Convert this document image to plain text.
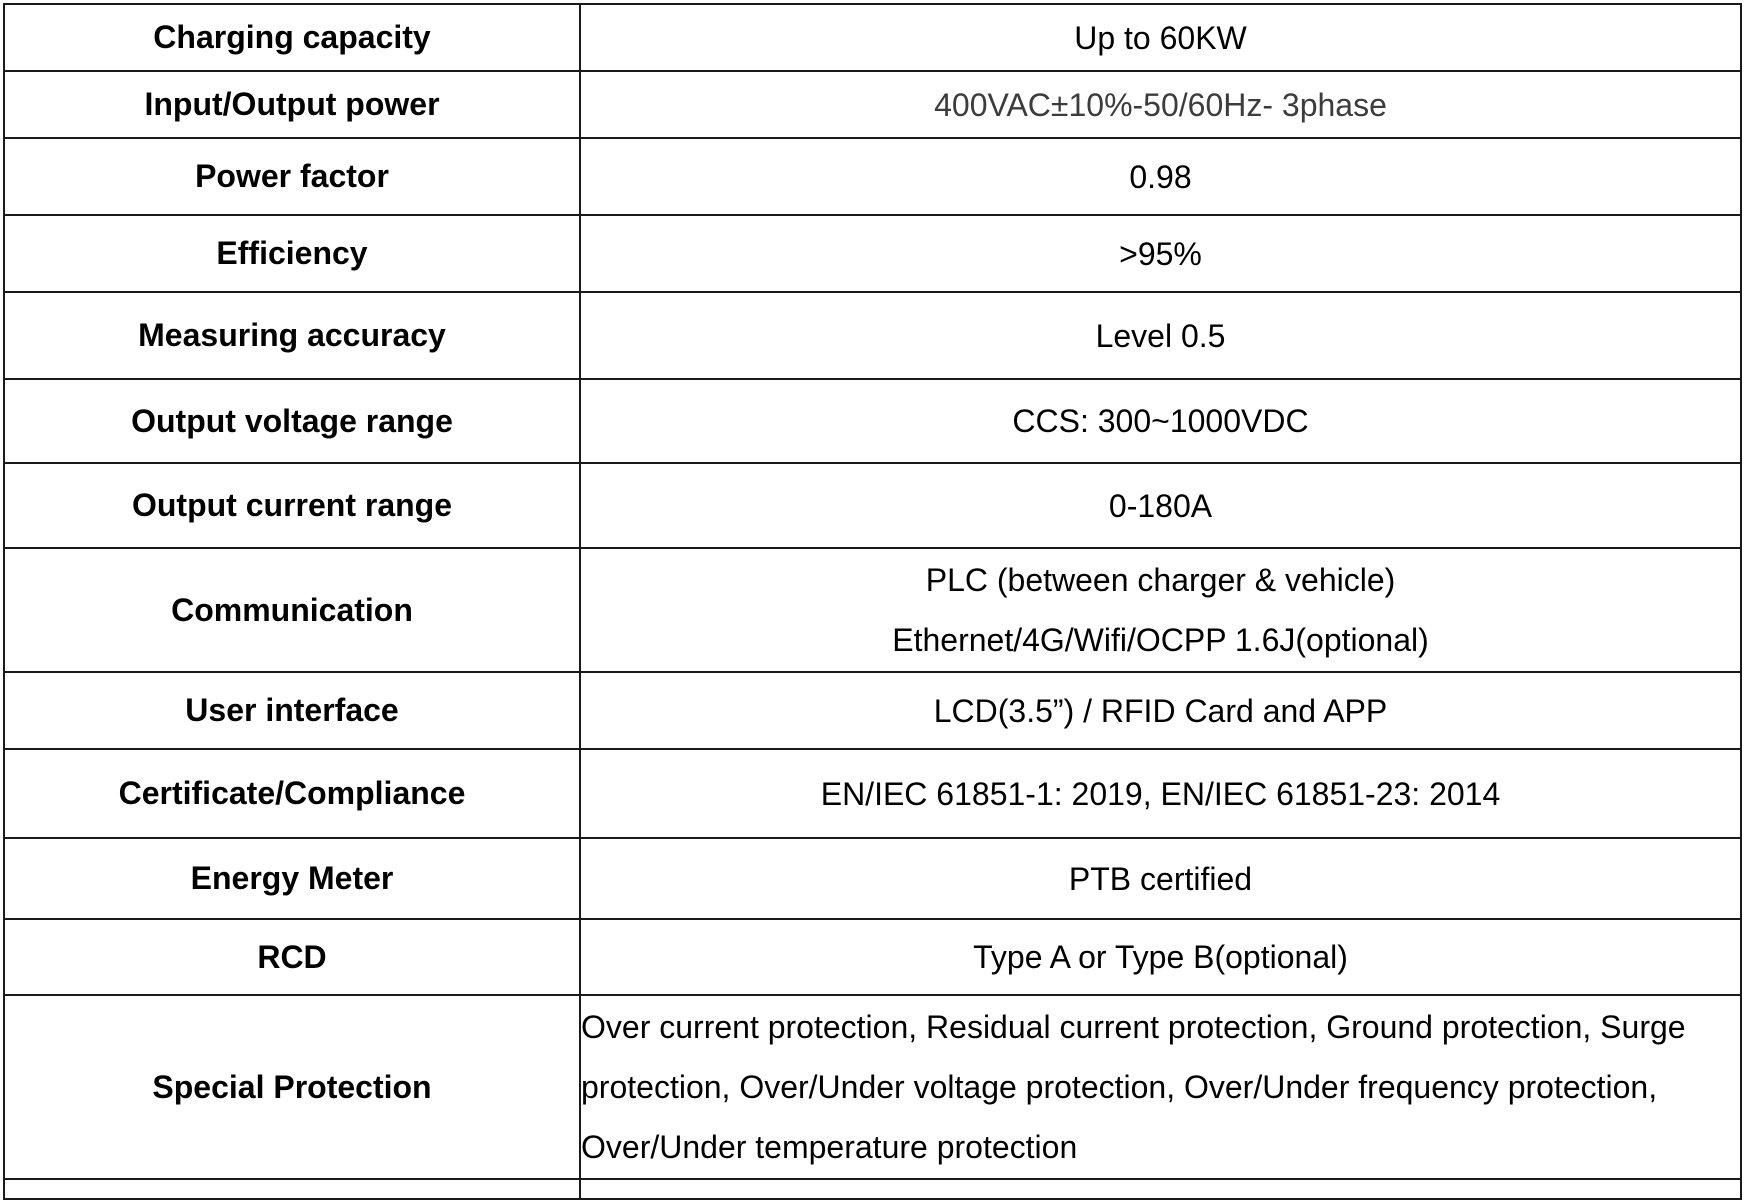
Charging capacity	Up to 60KW

Input/Output power	400VAC±10%-50/60Hz- 3phase

Power factor	0.98

Efficiency	>95%

Measuring accuracy	Level 0.5

Output voltage range	CCS: 300~1000VDC

Output current range	0-180A

Communication	PLC (between charger & vehicle)
Ethernet/4G/Wifi/OCPP 1.6J(optional)

User interface	LCD(3.5”) / RFID Card and APP

Certificate/Compliance	EN/IEC 61851-1: 2019, EN/IEC 61851-23: 2014

Energy Meter	PTB certified

RCD	Type A or Type B(optional)

Special Protection	Over current protection, Residual current protection, Ground protection, Surge
protection, Over/Under voltage protection, Over/Under frequency protection,
Over/Under temperature protection
